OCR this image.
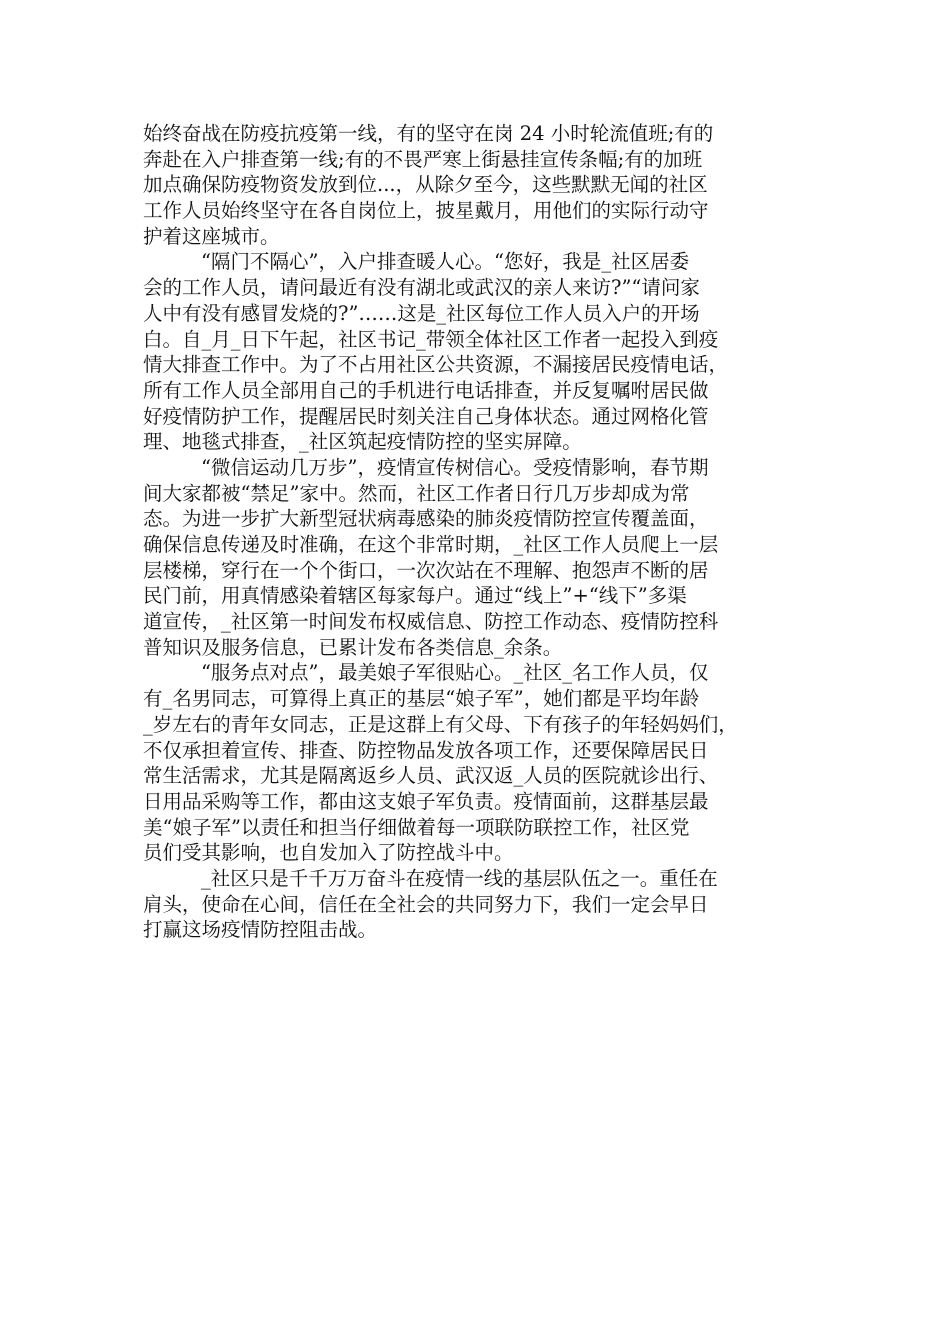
始终奋战在防疫抗疫第一线，有的坚守在岗 24 小时轮流值班;有的
奔赴在入户排查第一线;有的不畏严寒上街悬挂宣传条幅;有的加班
加点确保防疫物资发放到位...，从除夕至今，这些默默无闻的社区
工作人员始终坚守在各自岗位上，披星戴月，用他们的实际行动守
护着这座城市。
“隔门不隔心”，入户排查暖人心。“您好，我是_社区居委
会的工作人员，请问最近有没有湖北或武汉的亲人来访?”“请问家
人中有没有感冒发烧的?”……这是_社区每位工作人员入户的开场
白。自_月_日下午起，社区书记_带领全体社区工作者一起投入到疫
情大排查工作中。为了不占用社区公共资源，不漏接居民疫情电话，
所有工作人员全部用自己的手机进行电话排查，并反复嘱咐居民做
好疫情防护工作，提醒居民时刻关注自己身体状态。通过网格化管
理、地毯式排查，_社区筑起疫情防控的坚实屏障。
“微信运动几万步”，疫情宣传树信心。受疫情影响，春节期
间大家都被“禁足”家中。然而，社区工作者日行几万步却成为常
态。为进一步扩大新型冠状病毒感染的肺炎疫情防控宣传覆盖面，
确保信息传递及时准确，在这个非常时期，_社区工作人员爬上一层
层楼梯，穿行在一个个街口，一次次站在不理解、抱怨声不断的居
民门前，用真情感染着辖区每家每户。通过“线上”+“线下”多渠
道宣传，_社区第一时间发布权威信息、防控工作动态、疫情防控科
普知识及服务信息，已累计发布各类信息_余条。
“服务点对点”，最美娘子军很贴心。_社区_名工作人员，仅
有_名男同志，可算得上真正的基层“娘子军”，她们都是平均年龄
_岁左右的青年女同志，正是这群上有父母、下有孩子的年轻妈妈们，
不仅承担着宣传、排查、防控物品发放各项工作，还要保障居民日
常生活需求，尤其是隔离返乡人员、武汉返_人员的医院就诊出行、
日用品采购等工作，都由这支娘子军负责。疫情面前，这群基层最
美“娘子军”以责任和担当仔细做着每一项联防联控工作，社区党
员们受其影响，也自发加入了防控战斗中。
_社区只是千千万万奋斗在疫情一线的基层队伍之一。重任在
肩头，使命在心间，信任在全社会的共同努力下，我们一定会早日
打赢这场疫情防控阻击战。
